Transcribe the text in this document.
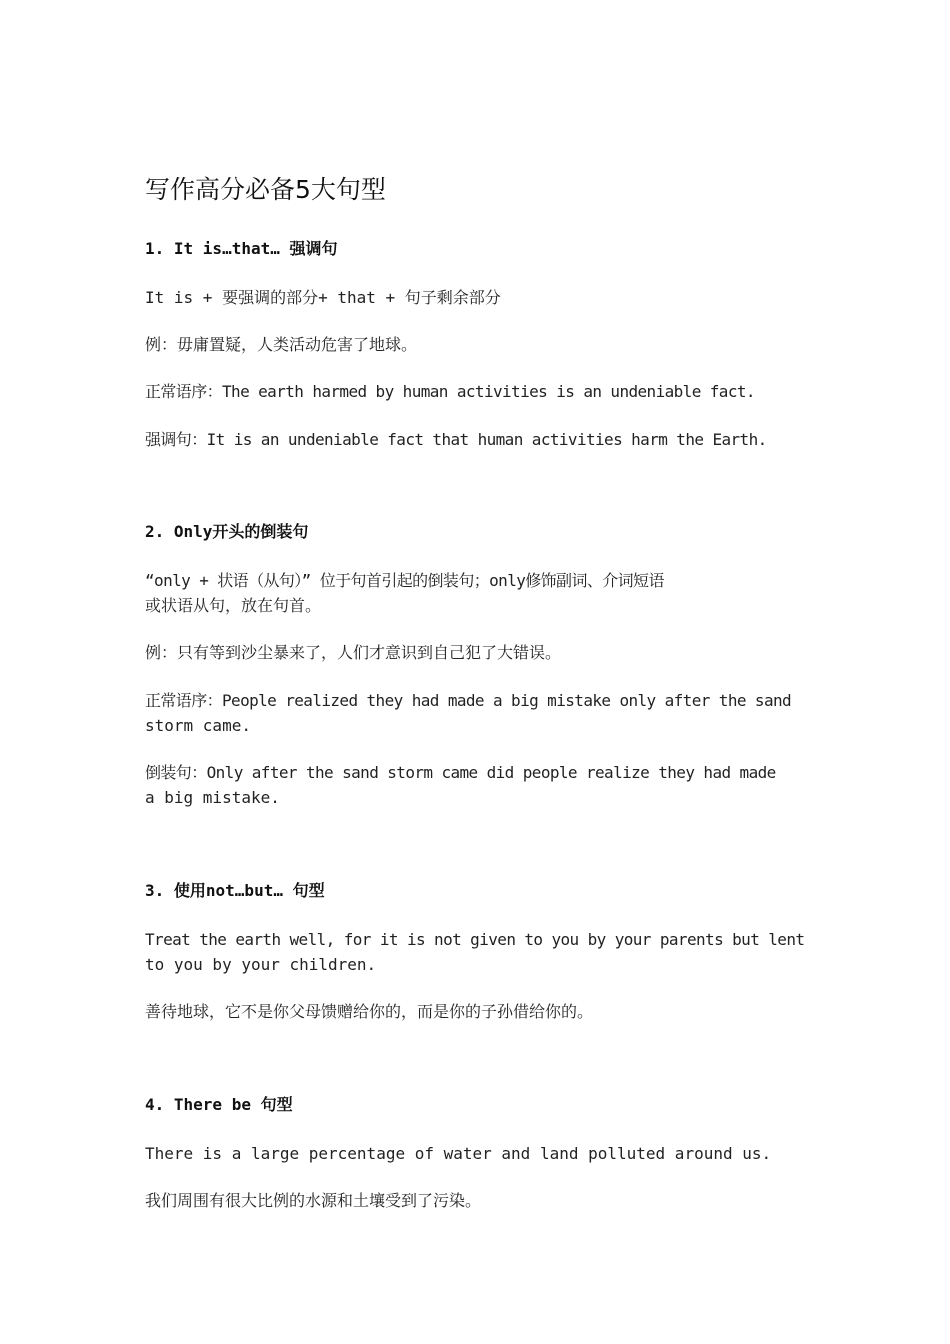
写作高分必备5大句型
1. It is…that… 强调句
It is + 要强调的部分+ that + 句子剩余部分
例：毋庸置疑，人类活动危害了地球。
正常语序：The earth harmed by human activities is an undeniable fact.
强调句：It is an undeniable fact that human activities harm the Earth.
2. Only开头的倒装句
“only + 状语（从句）” 位于句首引起的倒装句；only修饰副词、介词短语
或状语从句，放在句首。
例：只有等到沙尘暴来了，人们才意识到自己犯了大错误。
正常语序：People realized they had made a big mistake only after the sand
storm came.
倒装句：Only after the sand storm came did people realize they had made
a big mistake.
3. 使用not…but… 句型
Treat the earth well, for it is not given to you by your parents but lent
to you by your children.
善待地球，它不是你父母馈赠给你的，而是你的子孙借给你的。
4. There be 句型
There is a large percentage of water and land polluted around us.
我们周围有很大比例的水源和土壤受到了污染。
